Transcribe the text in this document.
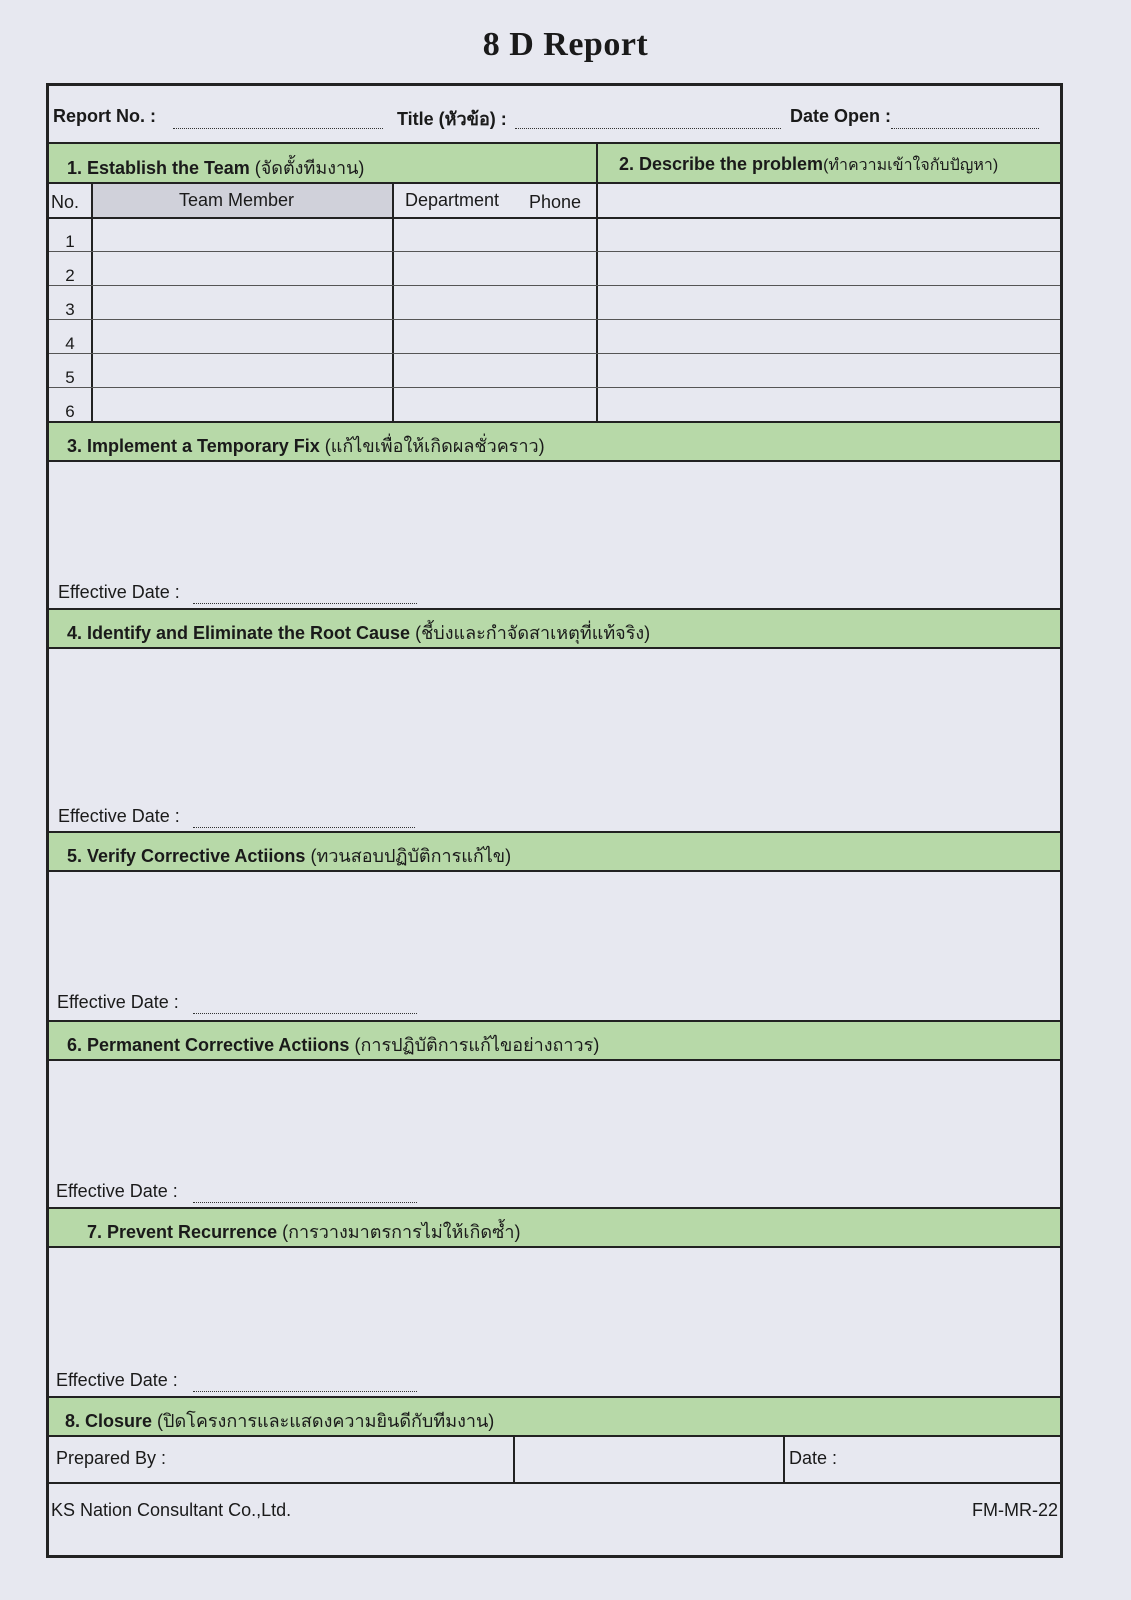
8 D Report
Report No. :	Title (หัวข้อ) :	Date Open :
1. Establish the Team (จัดตั้งทีมงาน)	2. Describe the problem(ทำความเข้าใจกับปัญหา)
No.	Team Member	Department Phone
1
2
3
4
5
6
3. Implement a Temporary Fix (แก้ไขเพื่อให้เกิดผลชั่วคราว)
Effective Date :
4. Identify and Eliminate the Root Cause (ชี้บ่งและกำจัดสาเหตุที่แท้จริง)
Effective Date :
5. Verify Corrective Actiions (ทวนสอบปฏิบัติการแก้ไข)
Effective Date :
6. Permanent Corrective Actiions (การปฏิบัติการแก้ไขอย่างถาวร)
Effective Date :
7. Prevent Recurrence (การวางมาตรการไม่ให้เกิดซ้ำ)
Effective Date :
8. Closure (ปิดโครงการและแสดงความยินดีกับทีมงาน)
Prepared By :	Date :
KS Nation Consultant Co.,Ltd.	FM-MR-22
